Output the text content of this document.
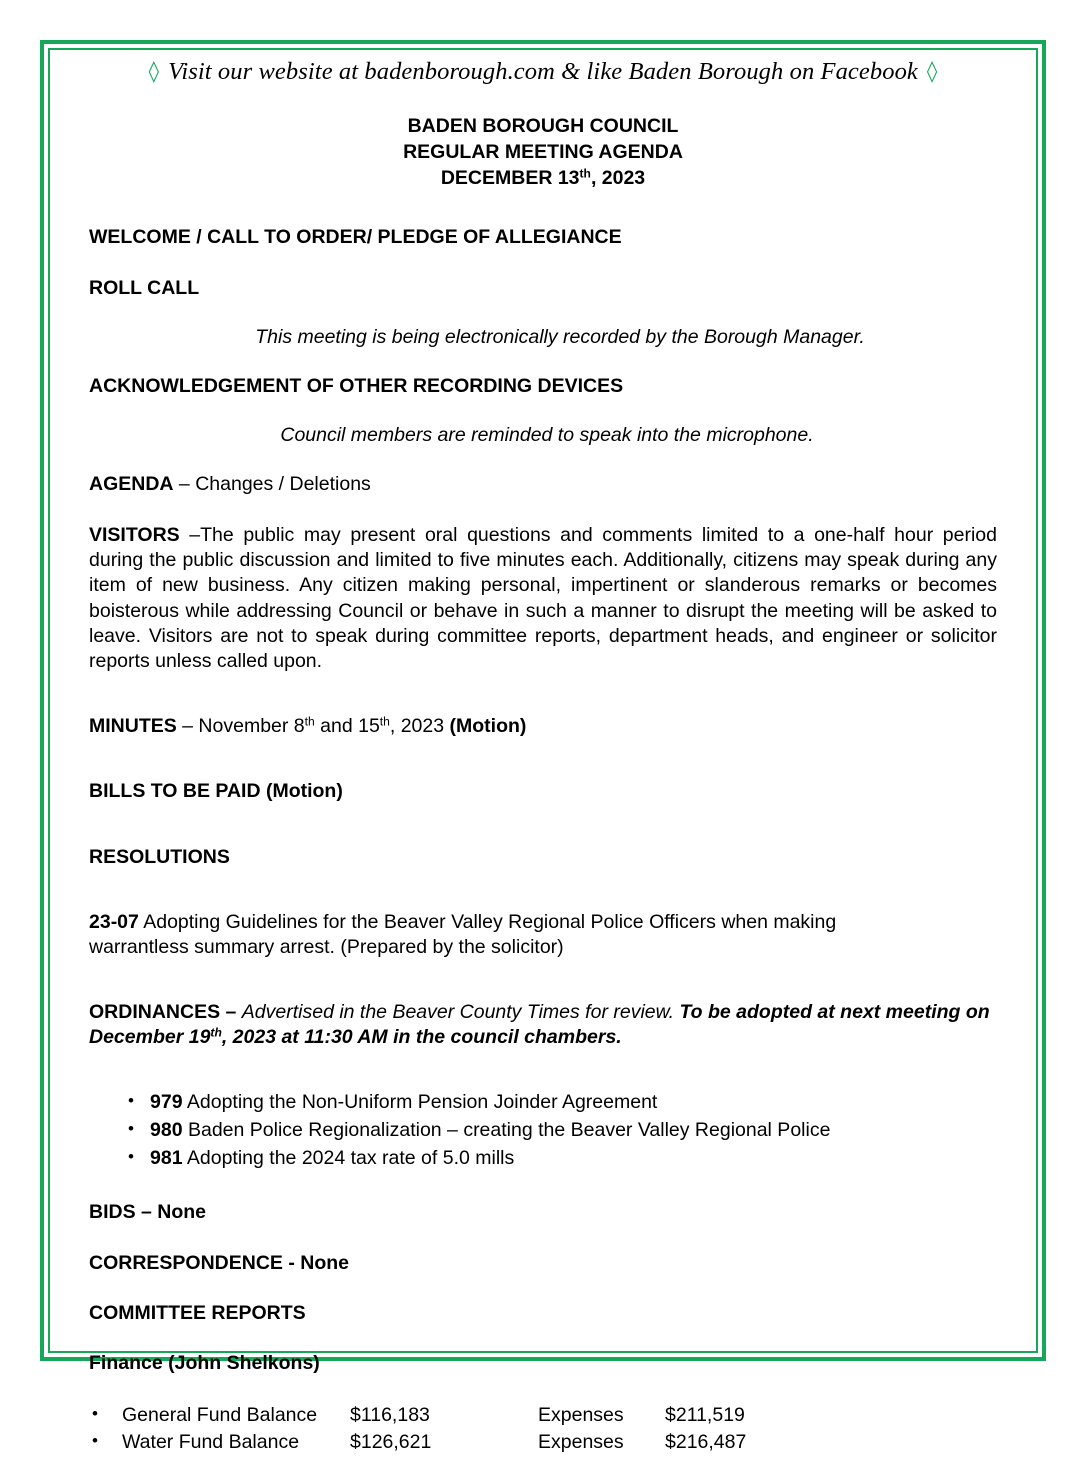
◊ Visit our website at badenborough.com & like Baden Borough on Facebook ◊

BADEN BOROUGH COUNCIL
REGULAR MEETING AGENDA
DECEMBER 13th, 2023

WELCOME / CALL TO ORDER/ PLEDGE OF ALLEGIANCE

ROLL CALL

This meeting is being electronically recorded by the Borough Manager.

ACKNOWLEDGEMENT OF OTHER RECORDING DEVICES

Council members are reminded to speak into the microphone.

AGENDA – Changes / Deletions

VISITORS –The public may present oral questions and comments limited to a one-half hour period during the public discussion and limited to five minutes each. Additionally, citizens may speak during any item of new business. Any citizen making personal, impertinent or slanderous remarks or becomes boisterous while addressing Council or behave in such a manner to disrupt the meeting will be asked to leave. Visitors are not to speak during committee reports, department heads, and engineer or solicitor reports unless called upon.

MINUTES – November 8th and 15th, 2023 (Motion)

BILLS TO BE PAID (Motion)

RESOLUTIONS

23-07 Adopting Guidelines for the Beaver Valley Regional Police Officers when making
warrantless summary arrest. (Prepared by the solicitor)

ORDINANCES – Advertised in the Beaver County Times for review. To be adopted at next meeting on December 19th, 2023 at 11:30 AM in the council chambers.

• 979 Adopting the Non-Uniform Pension Joinder Agreement
• 980 Baden Police Regionalization – creating the Beaver Valley Regional Police
• 981 Adopting the 2024 tax rate of 5.0 mills

BIDS – None

CORRESPONDENCE - None

COMMITTEE REPORTS

Finance (John Shelkons)

• General Fund Balance $116,183	Expenses $211,519
• Water Fund Balance	$126,621	Expenses $216,487
